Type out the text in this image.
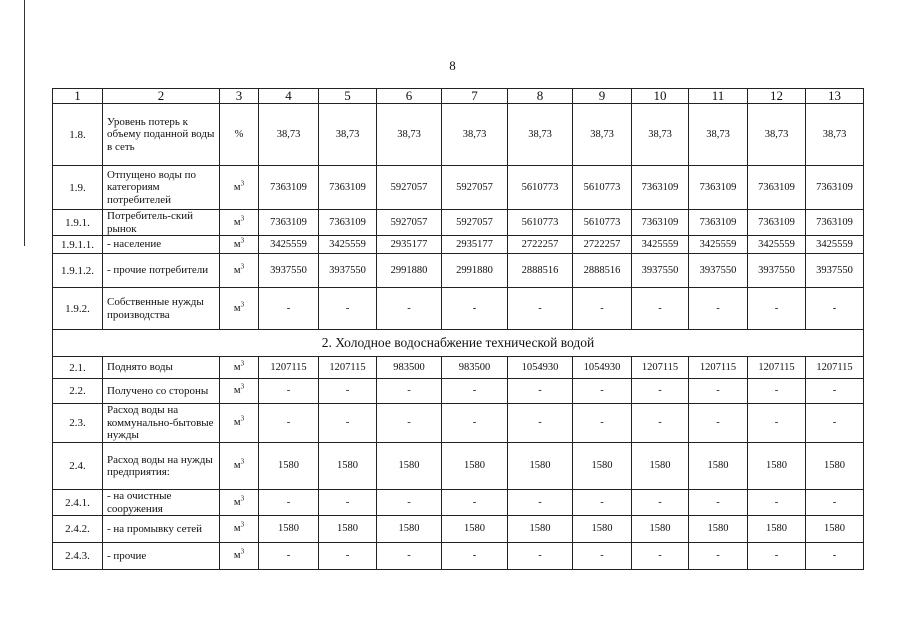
8
1	2	3	4	5	6	7	8	9	10	11	12	13
1.8.	Уровень потерь к объему поданной воды в сеть	%	38,73	38,73	38,73	38,73	38,73	38,73	38,73	38,73	38,73	38,73
1.9.	Отпущено воды по категориям потребителей	$м^3$	7363109	7363109	5927057	5927057	5610773	5610773	7363109	7363109	7363109	7363109
1.9.1.	Потребитель-ский рынок	$м^3$	7363109	7363109	5927057	5927057	5610773	5610773	7363109	7363109	7363109	7363109
1.9.1.1.	- население	$м^3$	3425559	3425559	2935177	2935177	2722257	2722257	3425559	3425559	3425559	3425559
1.9.1.2.	- прочие потребители	$м^3$	3937550	3937550	2991880	2991880	2888516	2888516	3937550	3937550	3937550	3937550
1.9.2.	Собственные нужды производства	$м^3$	-	-	-	-	-	-	-	-	-	-
2. Холодное водоснабжение технической водой												
2.1.	Поднято воды	$м^3$	1207115	1207115	983500	983500	1054930	1054930	1207115	1207115	1207115	1207115
2.2.	Получено со стороны	$м^3$	-	-	-	-	-	-	-	-	-	-
2.3.	Расход воды на коммунально-бытовые нужды	$м^3$	-	-	-	-	-	-	-	-	-	-
2.4.	Расход воды на нужды предприятия:	$м^3$	1580	1580	1580	1580	1580	1580	1580	1580	1580	1580
2.4.1.	- на очистные сооружения	$м^3$	-	-	-	-	-	-	-	-	-	-
2.4.2.	- на промывку сетей	$м^3$	1580	1580	1580	1580	1580	1580	1580	1580	1580	1580
2.4.3.	- прочие	$м^3$	-	-	-	-	-	-	-	-	-	-
